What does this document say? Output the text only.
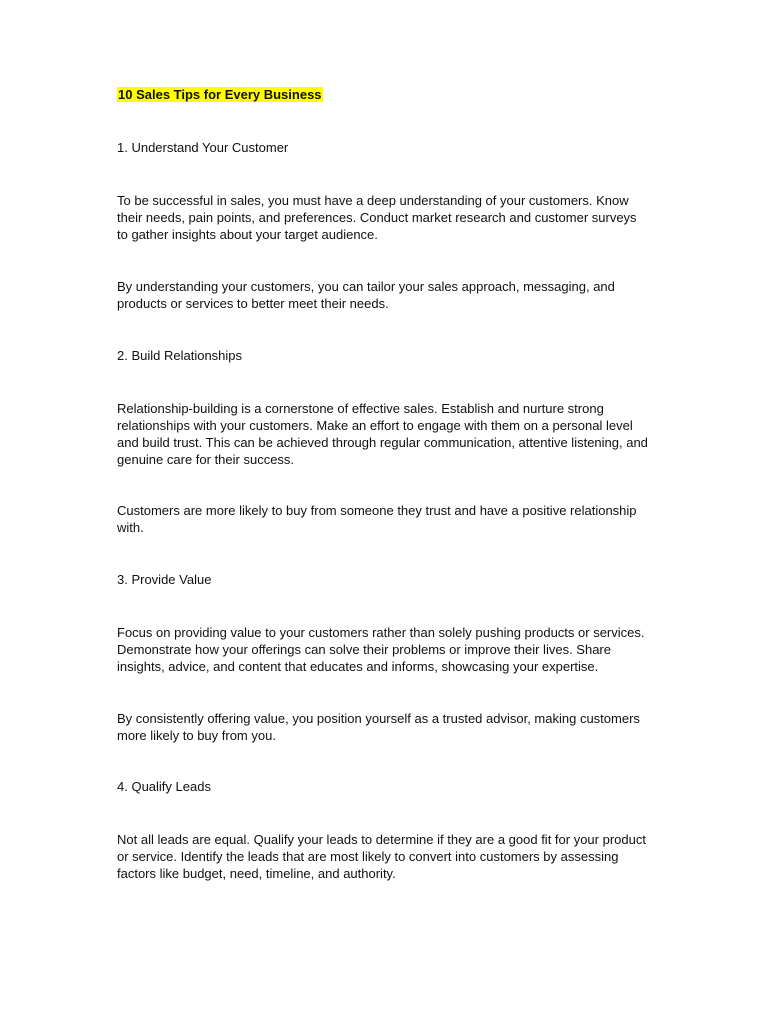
10 Sales Tips for Every Business

1. Understand Your Customer

To be successful in sales, you must have a deep understanding of your customers. Know
their needs, pain points, and preferences. Conduct market research and customer surveys
to gather insights about your target audience.

By understanding your customers, you can tailor your sales approach, messaging, and
products or services to better meet their needs.

2. Build Relationships

Relationship-building is a cornerstone of effective sales. Establish and nurture strong
relationships with your customers. Make an effort to engage with them on a personal level
and build trust. This can be achieved through regular communication, attentive listening, and
genuine care for their success.

Customers are more likely to buy from someone they trust and have a positive relationship
with.

3. Provide Value

Focus on providing value to your customers rather than solely pushing products or services.
Demonstrate how your offerings can solve their problems or improve their lives. Share
insights, advice, and content that educates and informs, showcasing your expertise.

By consistently offering value, you position yourself as a trusted advisor, making customers
more likely to buy from you.

4. Qualify Leads

Not all leads are equal. Qualify your leads to determine if they are a good fit for your product
or service. Identify the leads that are most likely to convert into customers by assessing
factors like budget, need, timeline, and authority.
